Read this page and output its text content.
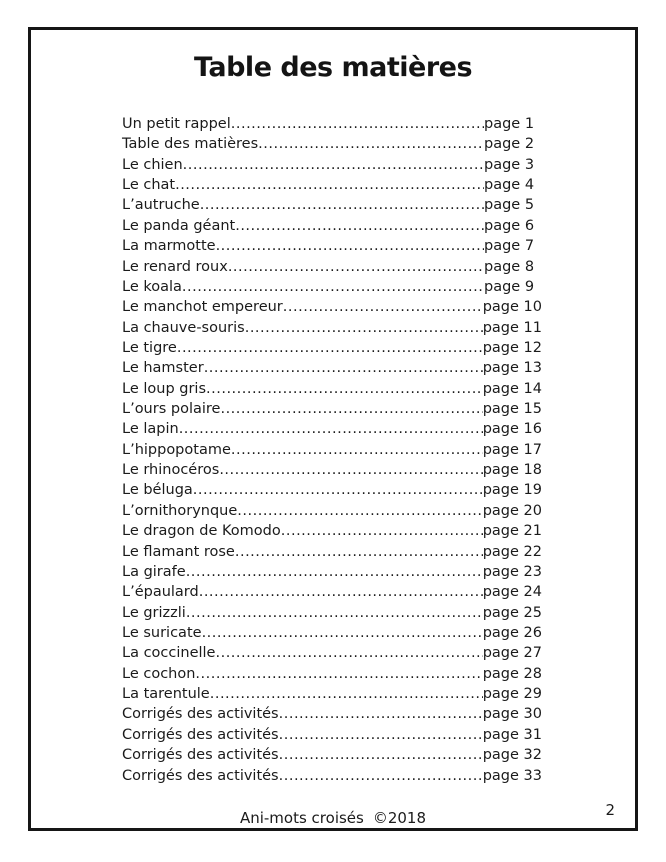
Table des matières
Un petit rappel .....	page 1
Table des matières .....	page 2
Le chien .....	page 3
Le chat .....	page 4
L’autruche .....	page 5
Le panda géant .....	page 6
La marmotte .....	page 7
Le renard roux .....	page 8
Le koala .....	page 9
Le manchot empereur .....	page 10
La chauve-souris .....	page 11
Le tigre .....	page 12
Le hamster .....	page 13
Le loup gris .....	page 14
L’ours polaire .....	page 15
Le lapin .....	page 16
L’hippopotame .....	page 17
Le rhinocéros .....	page 18
Le béluga .....	page 19
L’ornithorynque .....	page 20
Le dragon de Komodo .....	page 21
Le flamant rose .....	page 22
La girafe .....	page 23
L’épaulard .....	page 24
Le grizzli .....	page 25
Le suricate .....	page 26
La coccinelle .....	page 27
Le cochon .....	page 28
La tarentule .....	page 29
Corrigés des activités .....	page 30
Corrigés des activités .....	page 31
Corrigés des activités .....	page 32
Corrigés des activités .....	page 33
Ani-mots croisés ©2018	2
